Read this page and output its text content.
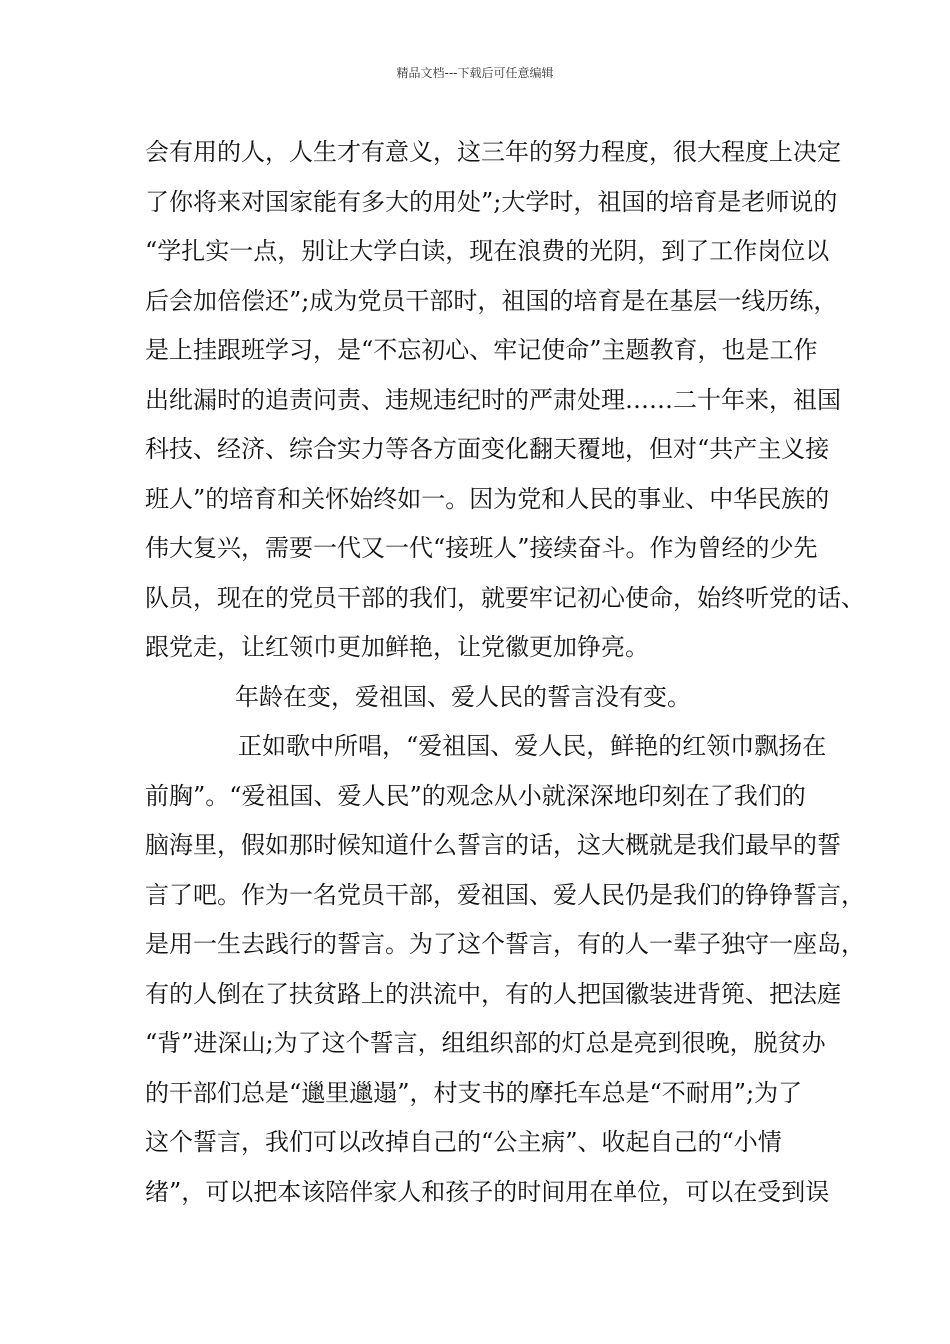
精品文档---下载后可任意编辑
会有用的人，人生才有意义，这三年的努力程度，很大程度上决定
了你将来对国家能有多大的用处”;大学时，祖国的培育是老师说的
“学扎实一点，别让大学白读，现在浪费的光阴，到了工作岗位以
后会加倍偿还”;成为党员干部时，祖国的培育是在基层一线历练，
是上挂跟班学习，是“不忘初心、牢记使命”主题教育，也是工作
出纰漏时的追责问责、违规违纪时的严肃处理……二十年来，祖国
科技、经济、综合实力等各方面变化翻天覆地，但对“共产主义接
班人”的培育和关怀始终如一。因为党和人民的事业、中华民族的
伟大复兴，需要一代又一代“接班人”接续奋斗。作为曾经的少先
队员，现在的党员干部的我们，就要牢记初心使命，始终听党的话、
跟党走，让红领巾更加鲜艳，让党徽更加铮亮。
年龄在变，爱祖国、爱人民的誓言没有变。
正如歌中所唱，“爱祖国、爱人民，鲜艳的红领巾飘扬在
前胸”。“爱祖国、爱人民”的观念从小就深深地印刻在了我们的
脑海里，假如那时候知道什么誓言的话，这大概就是我们最早的誓
言了吧。作为一名党员干部，爱祖国、爱人民仍是我们的铮铮誓言，
是用一生去践行的誓言。为了这个誓言，有的人一辈子独守一座岛，
有的人倒在了扶贫路上的洪流中，有的人把国徽装进背篼、把法庭
“背”进深山;为了这个誓言，组组织部的灯总是亮到很晚，脱贫办
的干部们总是“邋里邋遢”，村支书的摩托车总是“不耐用”;为了
这个誓言，我们可以改掉自己的“公主病”、收起自己的“小情
绪”，可以把本该陪伴家人和孩子的时间用在单位，可以在受到误
